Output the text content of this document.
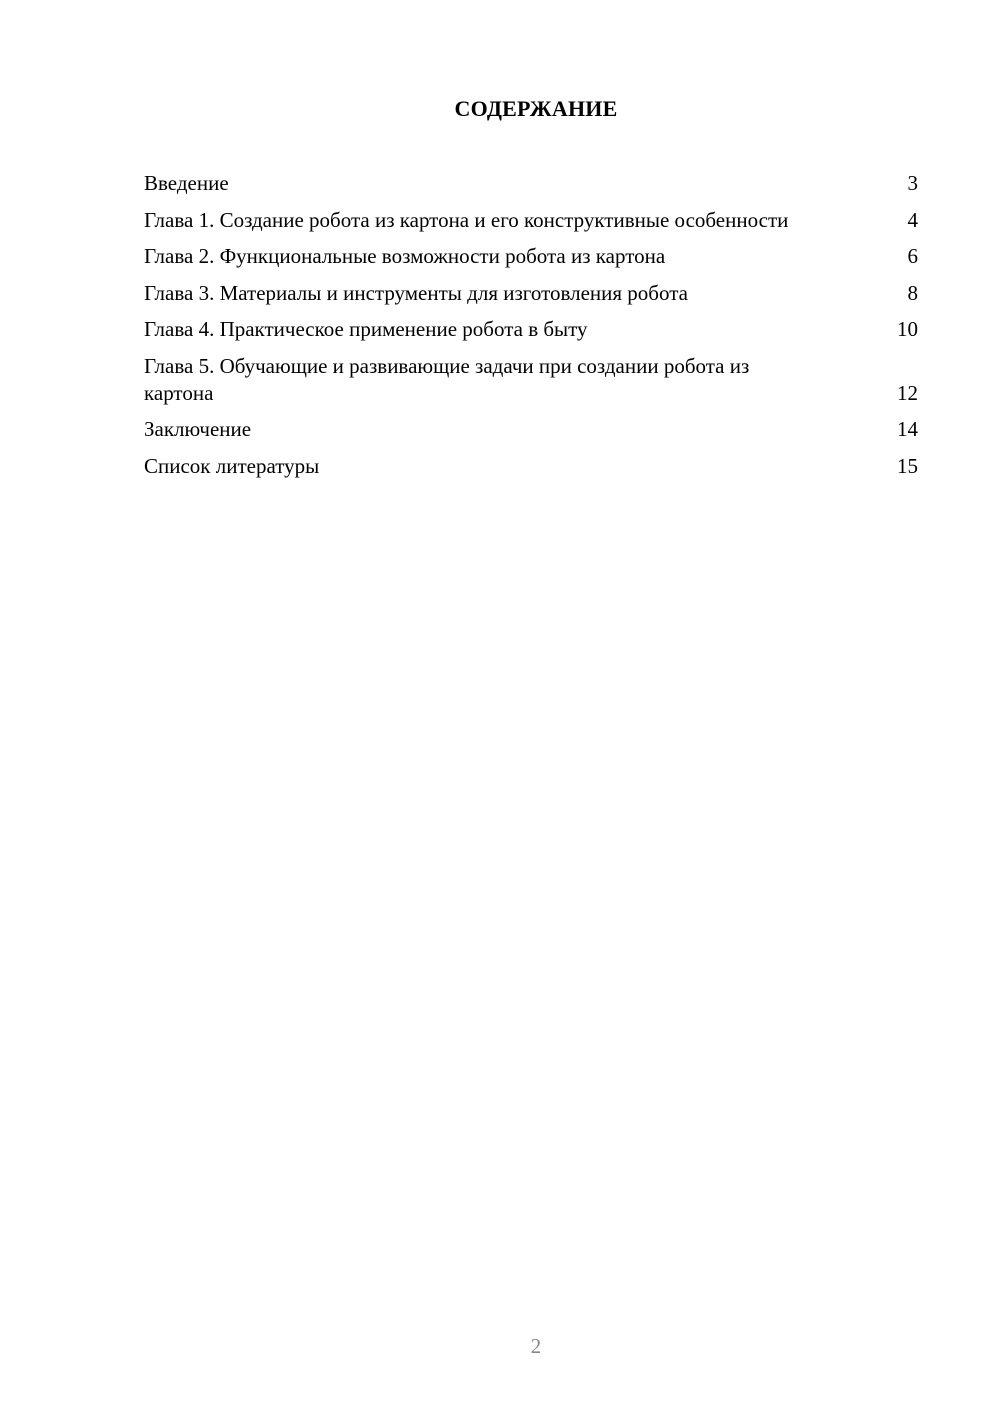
СОДЕРЖАНИЕ
Введение	3
Глава 1. Создание робота из картона и его конструктивные особенности	4
Глава 2. Функциональные возможности робота из картона	6
Глава 3. Материалы и инструменты для изготовления робота	8
Глава 4. Практическое применение робота в быту	10
Глава 5. Обучающие и развивающие задачи при создании робота из картона	12
Заключение	14
Список литературы	15
2
